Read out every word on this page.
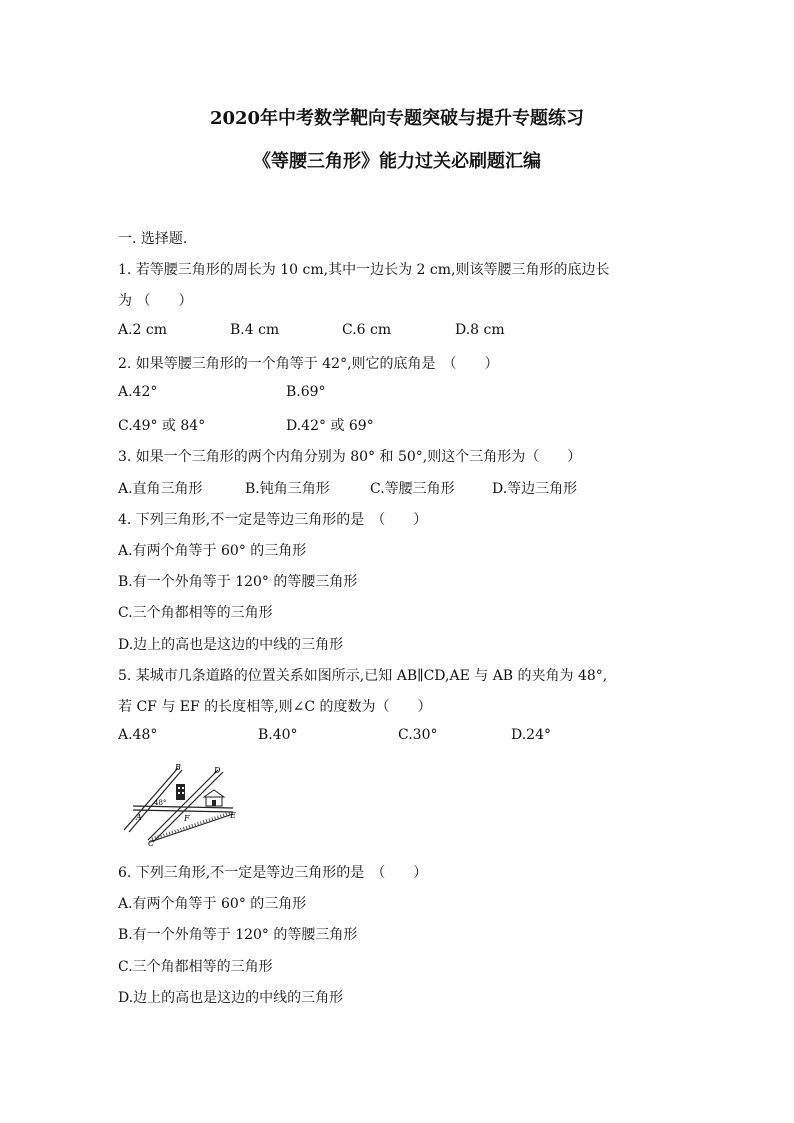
2020年中考数学靶向专题突破与提升专题练习
《等腰三角形》能力过关必刷题汇编
一. 选择题.
1. 若等腰三角形的周长为 10 cm,其中一边长为 2 cm,则该等腰三角形的底边长
为 （　　）
A.2 cm	B.4 cm	C.6 cm	D.8 cm
2. 如果等腰三角形的一个角等于 42°,则它的底角是　（　　）
A.42°	B.69°
C.49° 或 84°	D.42° 或 69°
3. 如果一个三角形的两个内角分别为 80° 和 50°,则这个三角形为（　　）
A.直角三角形	B.钝角三角形	C.等腰三角形	D.等边三角形
4. 下列三角形,不一定是等边三角形的是　（　　）
A.有两个角等于 60° 的三角形
B.有一个外角等于 120° 的等腰三角形
C.三个角都相等的三角形
D.边上的高也是这边的中线的三角形
5. 某城市几条道路的位置关系如图所示,已知 AB∥CD,AE 与 AB 的夹角为 48°,
若 CF 与 EF 的长度相等,则∠C 的度数为（　　）
A.48°	B.40°	C.30°	D.24°
B	D
A	F	E
C
48°
6. 下列三角形,不一定是等边三角形的是　（　　）
A.有两个角等于 60° 的三角形
B.有一个外角等于 120° 的等腰三角形
C.三个角都相等的三角形
D.边上的高也是这边的中线的三角形
